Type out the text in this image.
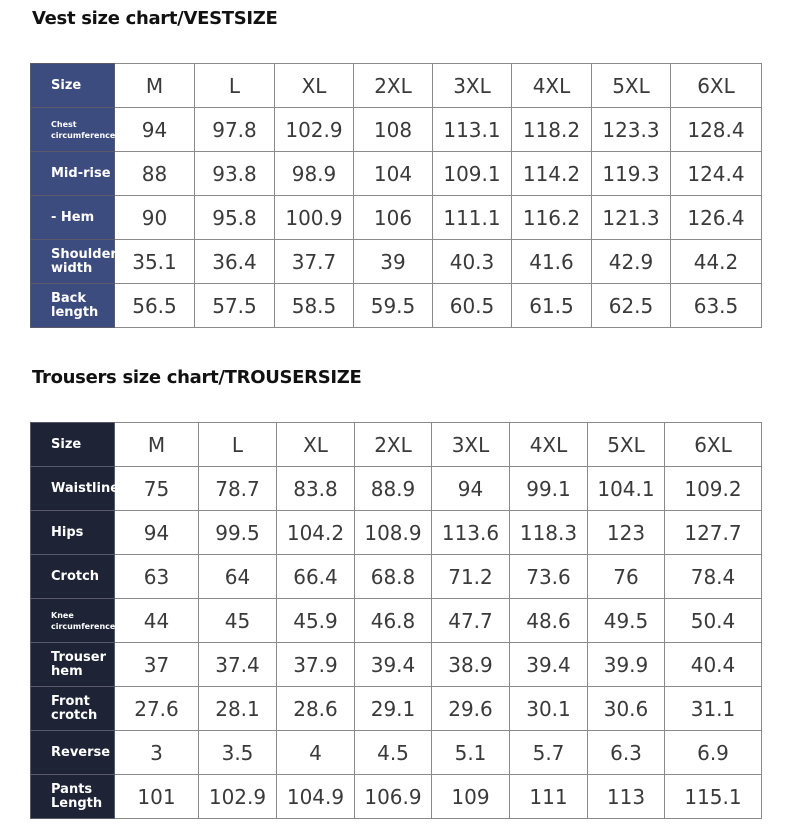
Vest size chart/VESTSIZE
Size	M	L	XL	2XL	3XL	4XL	5XL	6XL
Chest circumference	94	97.8	102.9	108	113.1	118.2	123.3	128.4
Mid-rise	88	93.8	98.9	104	109.1	114.2	119.3	124.4
- Hem	90	95.8	100.9	106	111.1	116.2	121.3	126.4
Shoulder width	35.1	36.4	37.7	39	40.3	41.6	42.9	44.2
Back length	56.5	57.5	58.5	59.5	60.5	61.5	62.5	63.5
Trousers size chart/TROUSERSIZE
Size	M	L	XL	2XL	3XL	4XL	5XL	6XL
Waistline	75	78.7	83.8	88.9	94	99.1	104.1	109.2
Hips	94	99.5	104.2	108.9	113.6	118.3	123	127.7
Crotch	63	64	66.4	68.8	71.2	73.6	76	78.4
Knee circumference	44	45	45.9	46.8	47.7	48.6	49.5	50.4
Trouser hem	37	37.4	37.9	39.4	38.9	39.4	39.9	40.4
Front crotch	27.6	28.1	28.6	29.1	29.6	30.1	30.6	31.1
Reverse	3	3.5	4	4.5	5.1	5.7	6.3	6.9
Pants Length	101	102.9	104.9	106.9	109	111	113	115.1
